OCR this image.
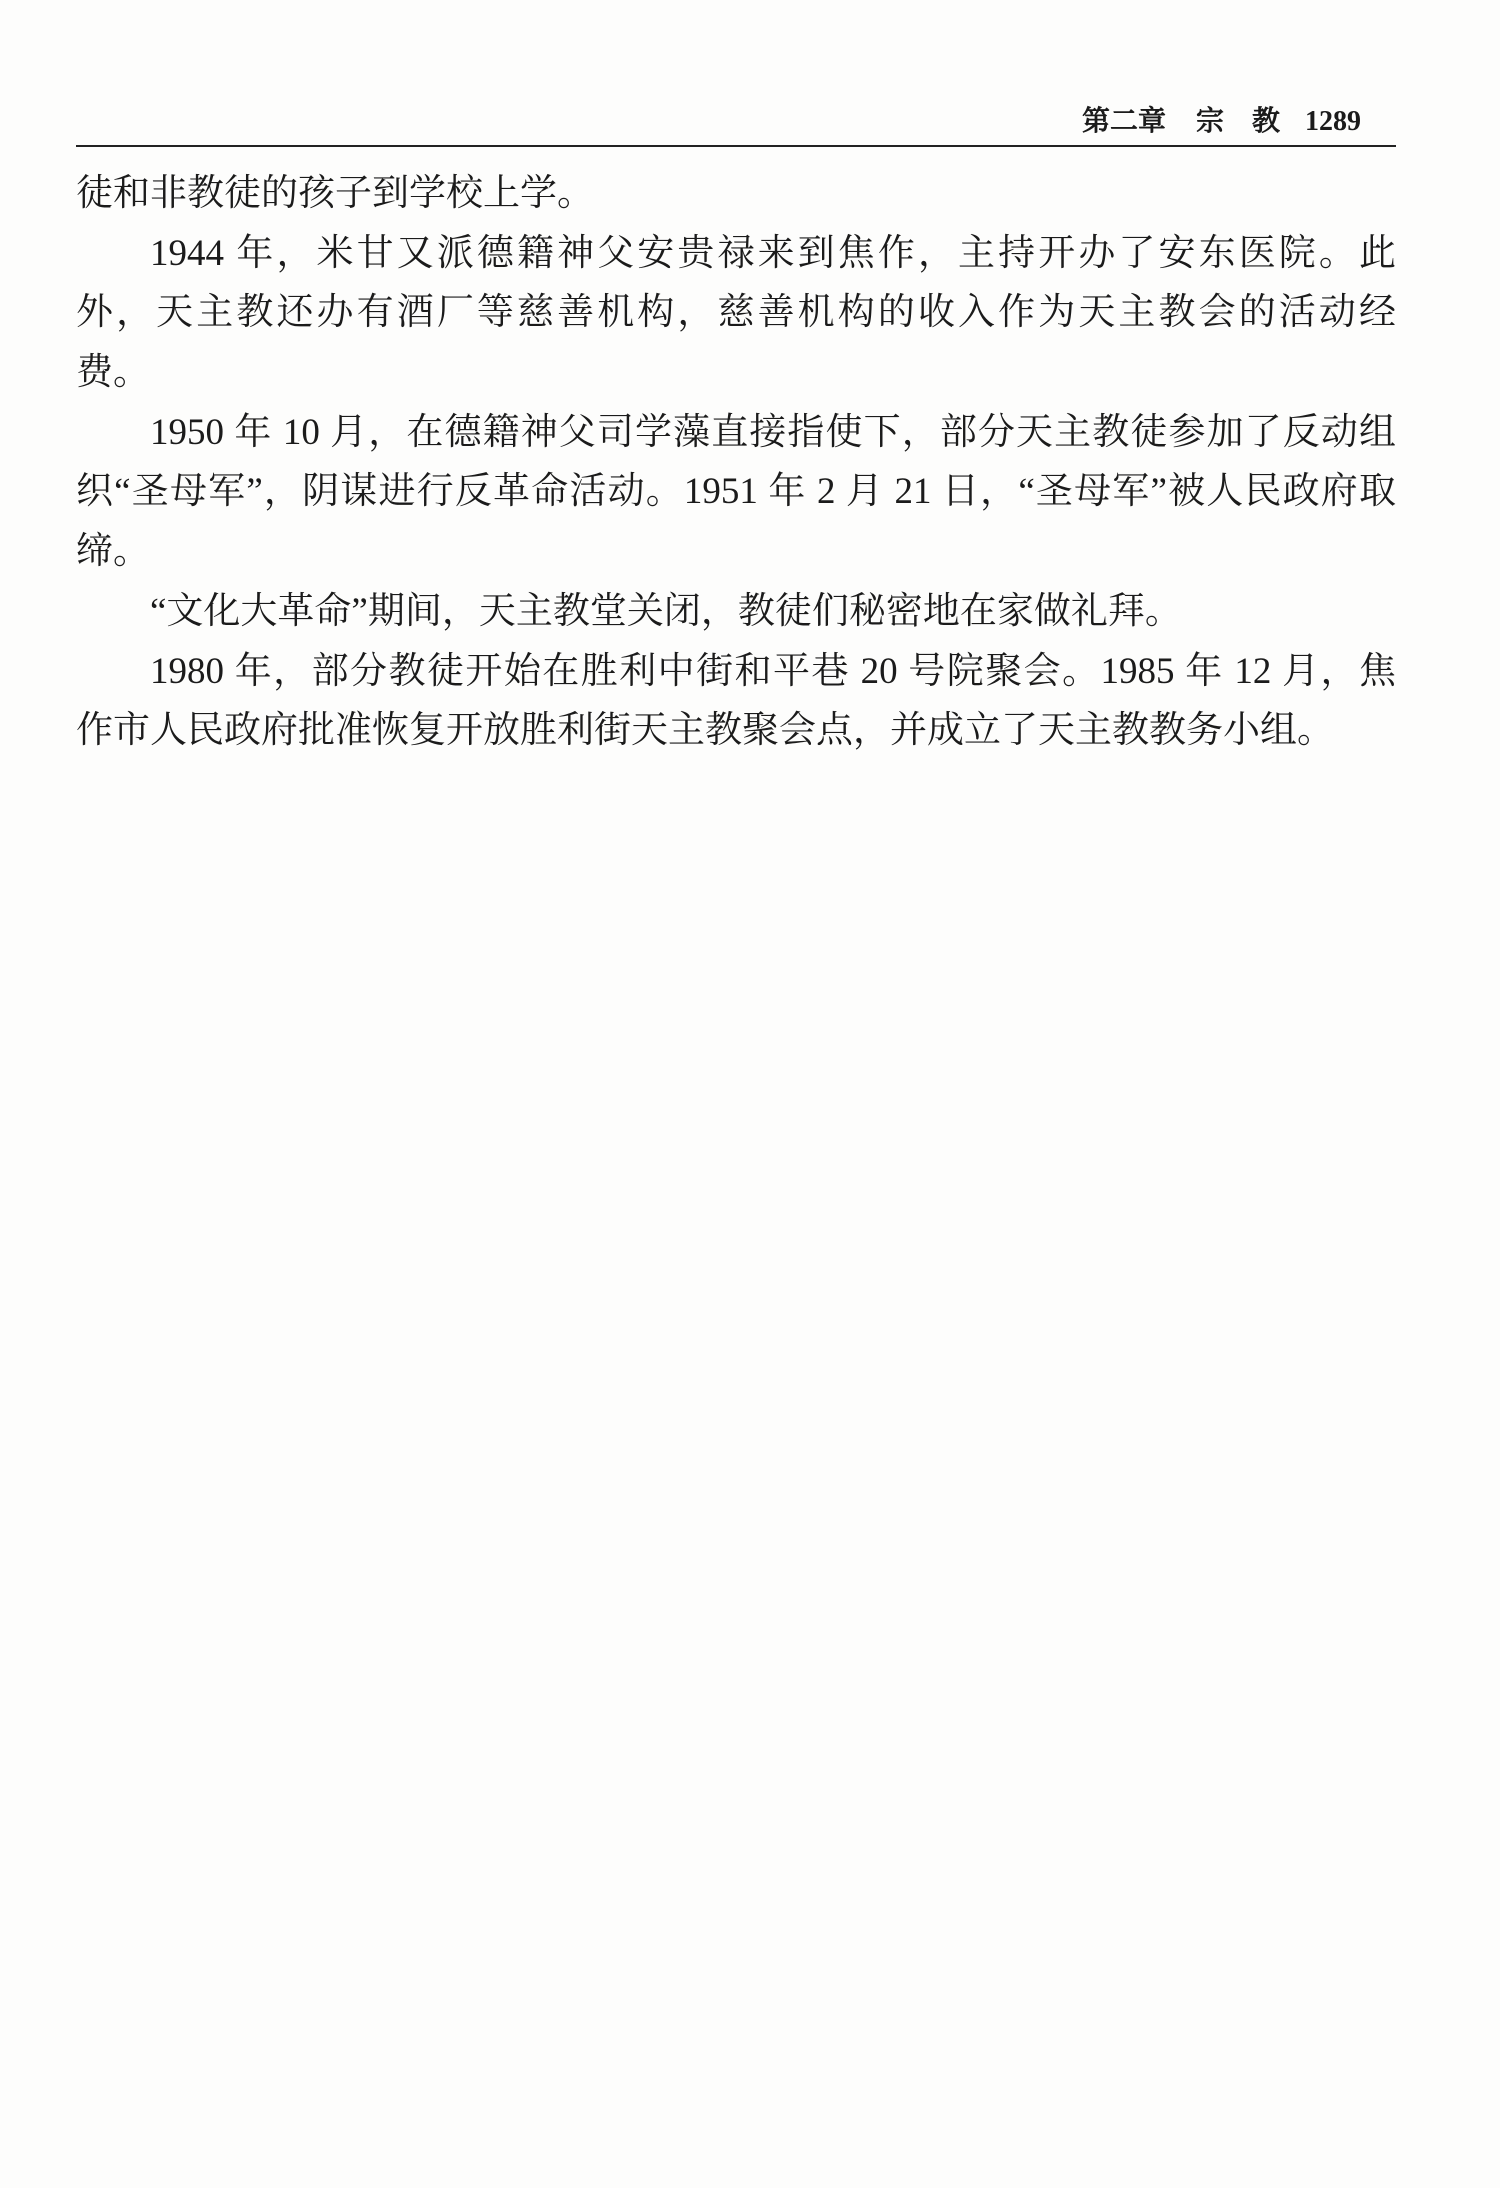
第二章 宗 教 1289
徒和非教徒的孩子到学校上学。
1944 年，米甘又派德籍神父安贵禄来到焦作，主持开办了安东医院。此
外，天主教还办有酒厂等慈善机构，慈善机构的收入作为天主教会的活动经
费。
1950 年 10 月，在德籍神父司学藻直接指使下，部分天主教徒参加了反动组
织“圣母军”，阴谋进行反革命活动。1951 年 2 月 21 日，“圣母军”被人民政府取
缔。
“文化大革命”期间，天主教堂关闭，教徒们秘密地在家做礼拜。
1980 年，部分教徒开始在胜利中街和平巷 20 号院聚会。1985 年 12 月，焦
作市人民政府批准恢复开放胜利街天主教聚会点，并成立了天主教教务小组。
